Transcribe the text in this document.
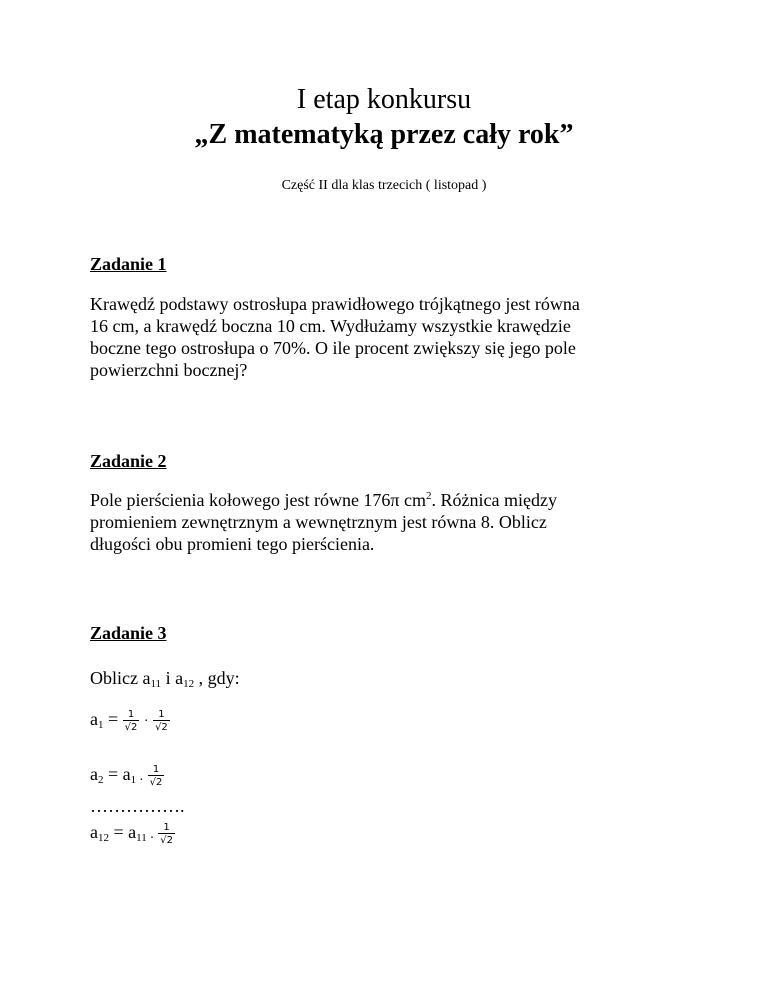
I etap konkursu
„Z matematyką przez cały rok”
Część II dla klas trzecich ( listopad )
Zadanie 1
Krawędź podstawy ostrosłupa prawidłowego trójkątnego jest równa
16 cm, a krawędź boczna 10 cm. Wydłużamy wszystkie krawędzie
boczne tego ostrosłupa o 70%. O ile procent zwiększy się jego pole
powierzchni bocznej?
Zadanie 2
Pole pierścienia kołowego jest równe 176π $cm^2$. Różnica między
promieniem zewnętrznym a wewnętrznym jest równa 8. Oblicz
długości obu promieni tego pierścienia.
Zadanie 3
Oblicz $a_{11}$ i $a_{12}$ , gdy:
$a_1 = \frac{1}{√2} \cdot \frac{1}{√2}$
$a_2 = a_1$ . $\frac{1}{√2}$
…………….
$a_{12} = a_{11}$ . $\frac{1}{√2}$
